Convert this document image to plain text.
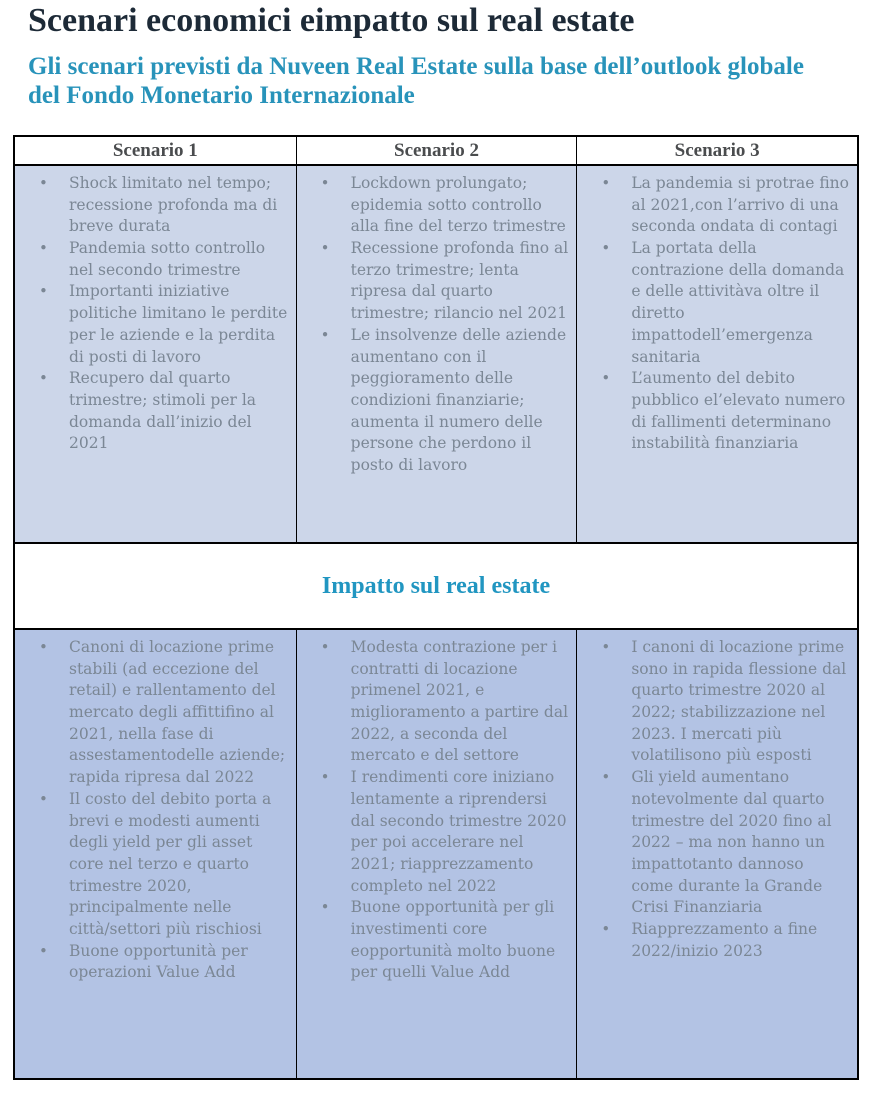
Scenari economici eimpatto sul real estate
Gli scenari previsti da Nuveen Real Estate sulla base dell’outlook globale del Fondo Monetario Internazionale
Scenario 1	Scenario 2	Scenario 3
• Shock limitato nel tempo; recessione profonda ma di breve durata
• Pandemia sotto controllo nel secondo trimestre
• Importanti iniziative politiche limitano le perdite per le aziende e la perdita di posti di lavoro
• Recupero dal quarto trimestre; stimoli per la domanda dall’inizio del 2021
• Lockdown prolungato; epidemia sotto controllo alla fine del terzo trimestre
• Recessione profonda fino al terzo trimestre; lenta ripresa dal quarto trimestre; rilancio nel 2021
• Le insolvenze delle aziende aumentano con il peggioramento delle condizioni finanziarie; aumenta il numero delle persone che perdono il posto di lavoro
• La pandemia si protrae fino al 2021,con l’arrivo di una seconda ondata di contagi
• La portata della contrazione della domanda e delle attivitàva oltre il diretto impattodell’emergenza sanitaria
• L’aumento del debito pubblico el’elevato numero di fallimenti determinano instabilità finanziaria
Impatto sul real estate
• Canoni di locazione prime stabili (ad eccezione del retail) e rallentamento del mercato degli affittifino al 2021, nella fase di assestamentodelle aziende; rapida ripresa dal 2022
• Il costo del debito porta a brevi e modesti aumenti degli yield per gli asset core nel terzo e quarto trimestre 2020, principalmente nelle città/settori più rischiosi
• Buone opportunità per operazioni Value Add
• Modesta contrazione per i contratti di locazione primenel 2021, e miglioramento a partire dal 2022, a seconda del mercato e del settore
• I rendimenti core iniziano lentamente a riprendersi dal secondo trimestre 2020 per poi accelerare nel 2021; riapprezzamento completo nel 2022
• Buone opportunità per gli investimenti core eopportunità molto buone per quelli Value Add
• I canoni di locazione prime sono in rapida flessione dal quarto trimestre 2020 al 2022; stabilizzazione nel 2023. I mercati più volatilisono più esposti
• Gli yield aumentano notevolmente dal quarto trimestre del 2020 fino al 2022 – ma non hanno un impattotanto dannoso come durante la Grande Crisi Finanziaria
• Riapprezzamento a fine 2022/inizio 2023
